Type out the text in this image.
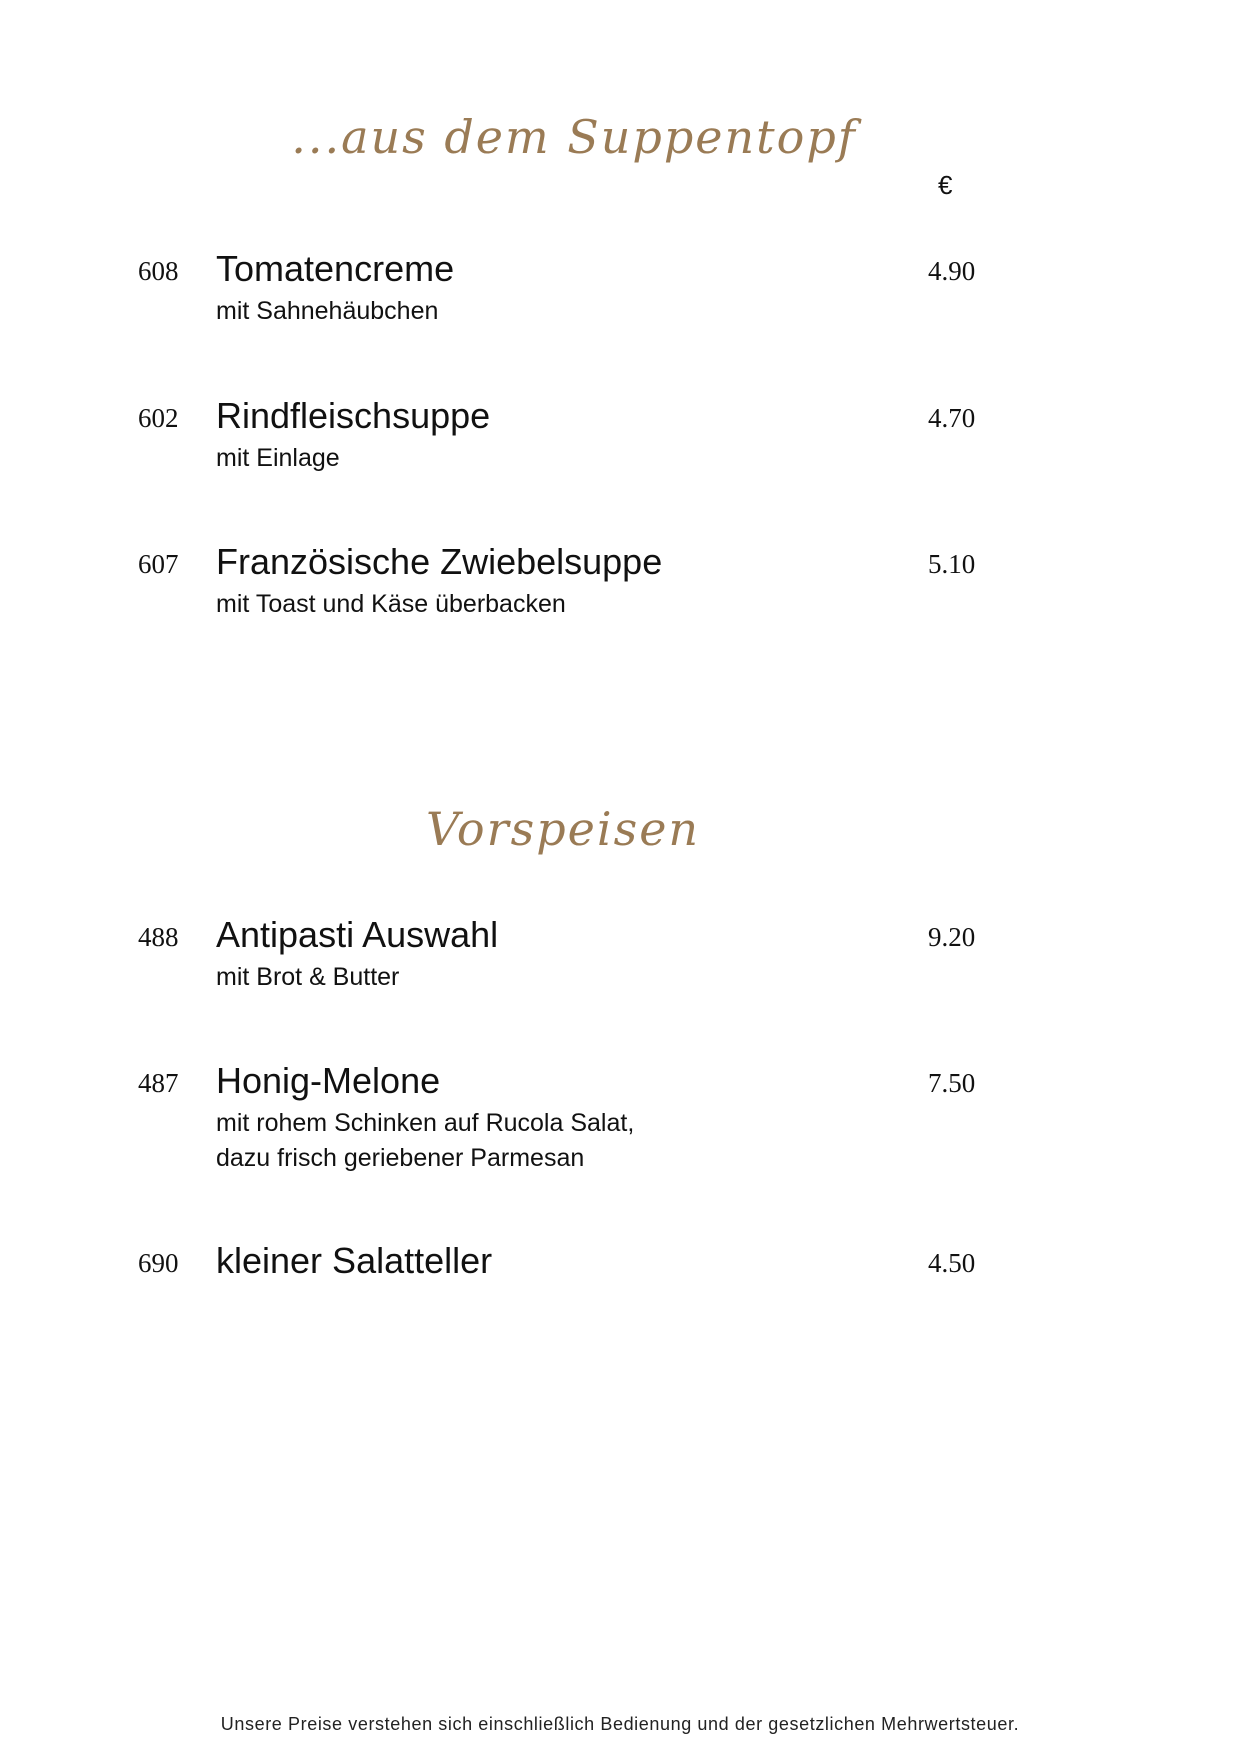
...aus dem Suppentopf
€
608 Tomatencreme
mit Sahnehäubchen
4.90
602 Rindfleischsuppe
mit Einlage
4.70
607 Französische Zwiebelsuppe
mit Toast und Käse überbacken
5.10
Vorspeisen
488 Antipasti Auswahl
mit Brot & Butter
9.20
487 Honig-Melone
mit rohem Schinken auf Rucola Salat,
dazu frisch geriebener Parmesan
7.50
690 kleiner Salatteller	4.50
Unsere Preise verstehen sich einschließlich Bedienung und der gesetzlichen Mehrwertsteuer.
